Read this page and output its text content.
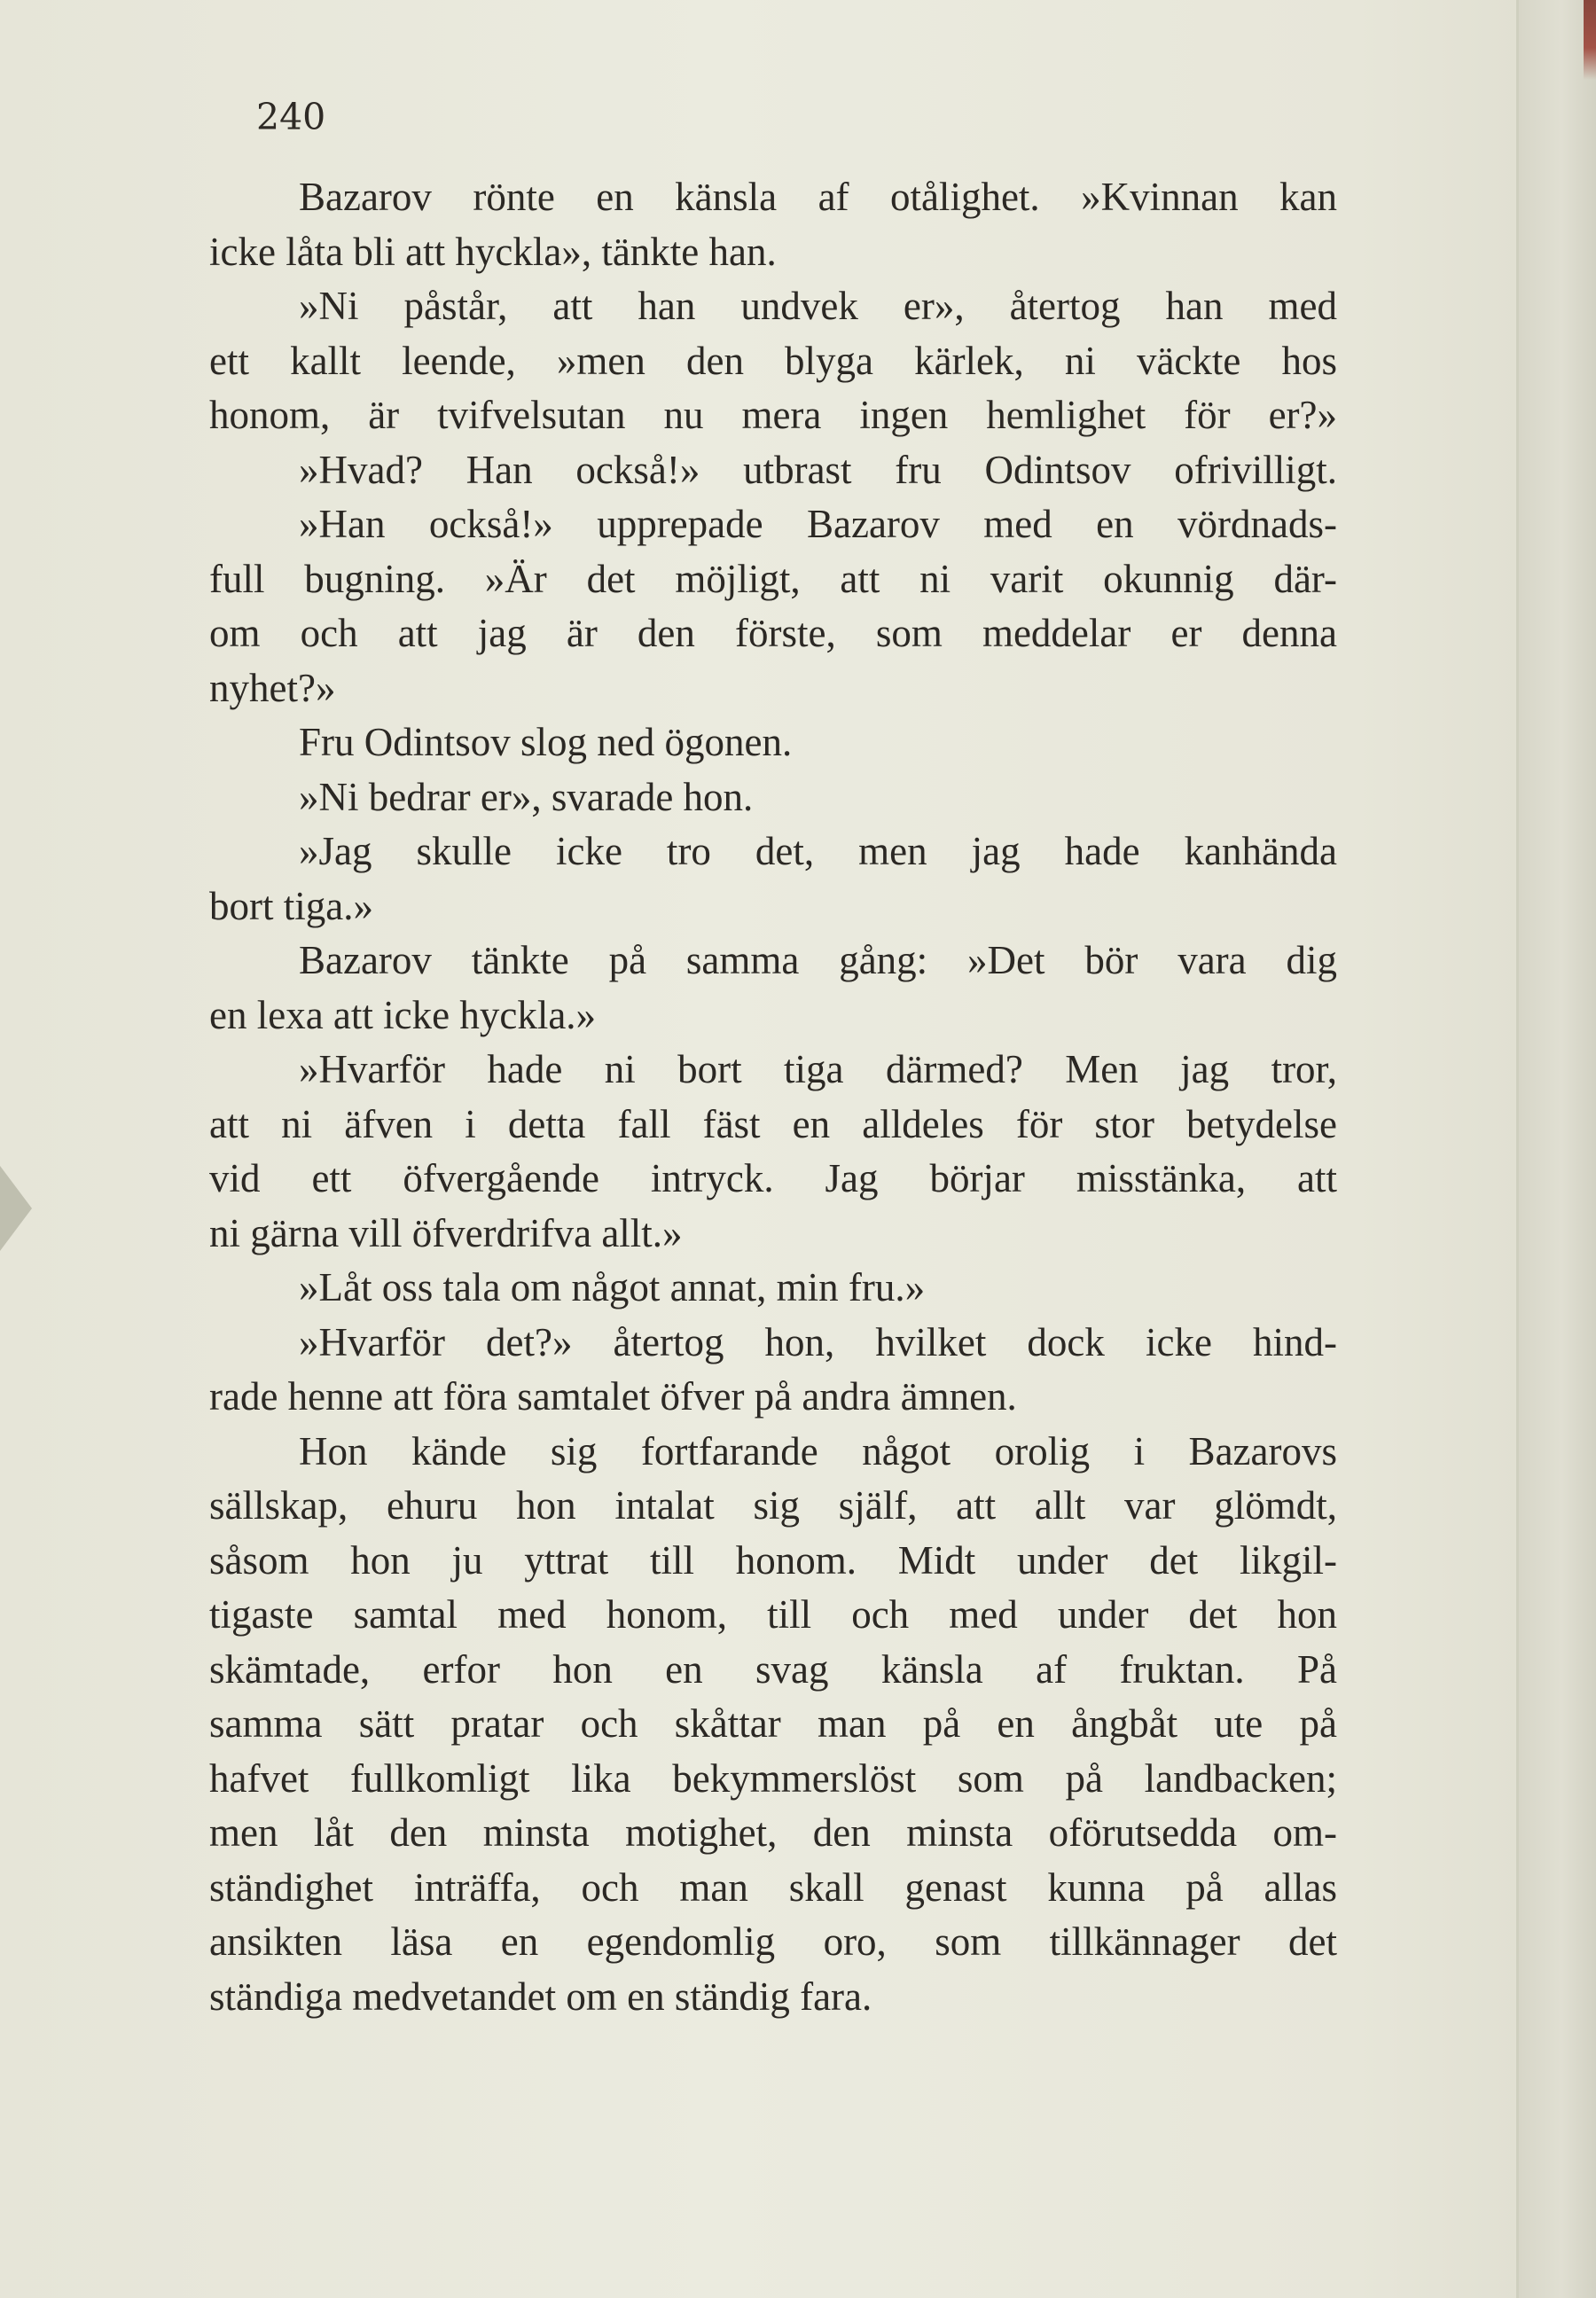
240
Bazarov rönte en känsla af otålighet. »Kvinnan kan
icke låta bli att hyckla», tänkte han.
»Ni påstår, att han undvek er», återtog han med
ett kallt leende, »men den blyga kärlek, ni väckte hos
honom, är tvifvelsutan nu mera ingen hemlighet för er?»
»Hvad? Han också!» utbrast fru Odintsov ofrivilligt.
»Han också!» upprepade Bazarov med en vördnads-
full bugning. »Är det möjligt, att ni varit okunnig där-
om och att jag är den förste, som meddelar er denna
nyhet?»
Fru Odintsov slog ned ögonen.
»Ni bedrar er», svarade hon.
»Jag skulle icke tro det, men jag hade kanhända
bort tiga.»
Bazarov tänkte på samma gång: »Det bör vara dig
en lexa att icke hyckla.»
»Hvarför hade ni bort tiga därmed? Men jag tror,
att ni äfven i detta fall fäst en alldeles för stor betydelse
vid ett öfvergående intryck. Jag börjar misstänka, att
ni gärna vill öfverdrifva allt.»
»Låt oss tala om något annat, min fru.»
»Hvarför det?» återtog hon, hvilket dock icke hind-
rade henne att föra samtalet öfver på andra ämnen.
Hon kände sig fortfarande något orolig i Bazarovs
sällskap, ehuru hon intalat sig själf, att allt var glömdt,
såsom hon ju yttrat till honom. Midt under det likgil-
tigaste samtal med honom, till och med under det hon
skämtade, erfor hon en svag känsla af fruktan. På
samma sätt pratar och skåttar man på en ångbåt ute på
hafvet fullkomligt lika bekymmerslöst som på landbacken;
men låt den minsta motighet, den minsta oförutsedda om-
ständighet inträffa, och man skall genast kunna på allas
ansikten läsa en egendomlig oro, som tillkännager det
ständiga medvetandet om en ständig fara.
